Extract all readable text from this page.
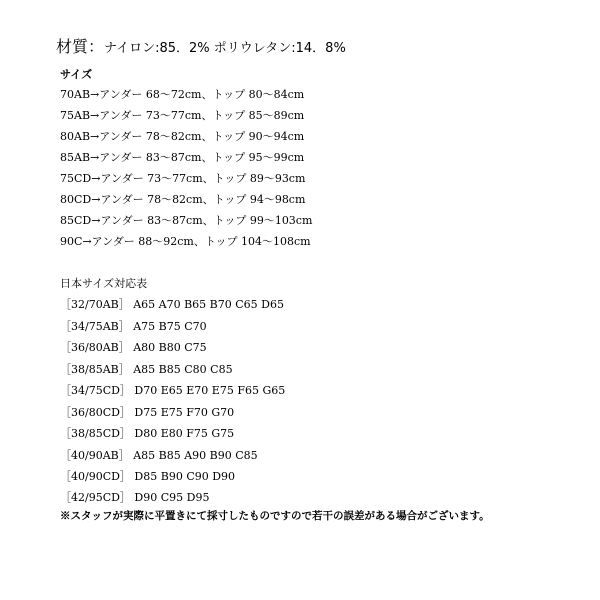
材質：ナイロン:85．2% ポリウレタン:14．8%
サイズ
70AB→アンダー 68～72cm、トップ 80～84cm
75AB→アンダー 73～77cm、トップ 85～89cm
80AB→アンダー 78～82cm、トップ 90～94cm
85AB→アンダー 83～87cm、トップ 95～99cm
75CD→アンダー 73～77cm、トップ 89～93cm
80CD→アンダー 78～82cm、トップ 94～98cm
85CD→アンダー 83～87cm、トップ 99～103cm
90C→アンダー 88～92cm、トップ 104～108cm
日本サイズ対応表
［32/70AB］ A65 A70 B65 B70 C65 D65
［34/75AB］ A75 B75 C70
［36/80AB］ A80 B80 C75
［38/85AB］ A85 B85 C80 C85
［34/75CD］ D70 E65 E70 E75 F65 G65
［36/80CD］ D75 E75 F70 G70
［38/85CD］ D80 E80 F75 G75
［40/90AB］ A85 B85 A90 B90 C85
［40/90CD］ D85 B90 C90 D90
［42/95CD］ D90 C95 D95
※スタッフが実際に平置きにて採寸したものですので若干の誤差がある場合がございます。
